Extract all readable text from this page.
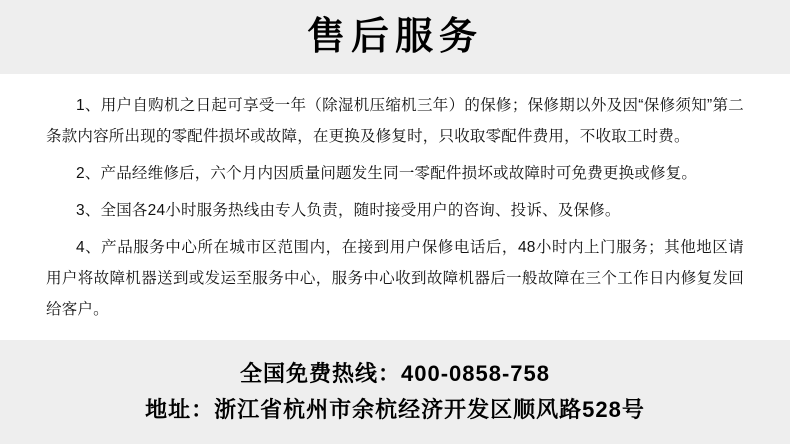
售后服务

1、用户自购机之日起可享受一年（除湿机压缩机三年）的保修；保修期以外及因“保修须知”第二条款内容所出现的零配件损坏或故障，在更换及修复时，只收取零配件费用，不收取工时费。

2、产品经维修后，六个月内因质量问题发生同一零配件损坏或故障时可免费更换或修复。

3、全国各24小时服务热线由专人负责，随时接受用户的咨询、投诉、及保修。

4、产品服务中心所在城市区范围内，在接到用户保修电话后，48小时内上门服务；其他地区请用户将故障机器送到或发运至服务中心，服务中心收到故障机器后一般故障在三个工作日内修复发回给客户。

全国免费热线：400-0858-758
地址：浙江省杭州市余杭经济开发区顺风路528号
